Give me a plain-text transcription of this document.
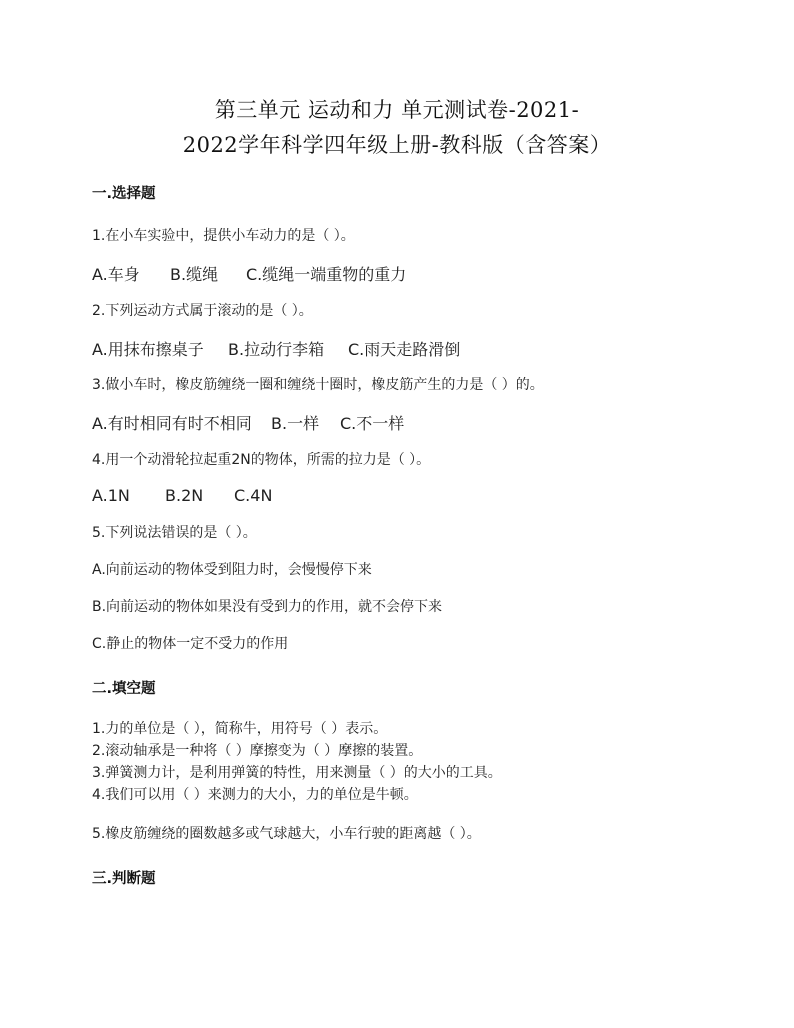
第三单元 运动和力 单元测试卷-2021-
2022学年科学四年级上册-教科版（含答案）
一.选择题
1.在小车实验中，提供小车动力的是（ ）。
A.车身 B.缆绳 C.缆绳一端重物的重力
2.下列运动方式属于滚动的是（ ）。
A.用抹布擦桌子 B.拉动行李箱 C.雨天走路滑倒
3.做小车时，橡皮筋缠绕一圈和缠绕十圈时，橡皮筋产生的力是（ ）的。
A.有时相同有时不相同 B.一样 C.不一样
4.用一个动滑轮拉起重2N的物体，所需的拉力是（ ）。
A.1N B.2N C.4N
5.下列说法错误的是（ ）。
A.向前运动的物体受到阻力时，会慢慢停下来
B.向前运动的物体如果没有受到力的作用，就不会停下来
C.静止的物体一定不受力的作用
二.填空题
1.力的单位是（ ），简称牛，用符号（ ）表示。
2.滚动轴承是一种将（ ）摩擦变为（ ）摩擦的装置。
3.弹簧测力计，是利用弹簧的特性，用来测量（ ）的大小的工具。
4.我们可以用（ ）来测力的大小，力的单位是牛顿。
5.橡皮筋缠绕的圈数越多或气球越大，小车行驶的距离越（ ）。
三.判断题
